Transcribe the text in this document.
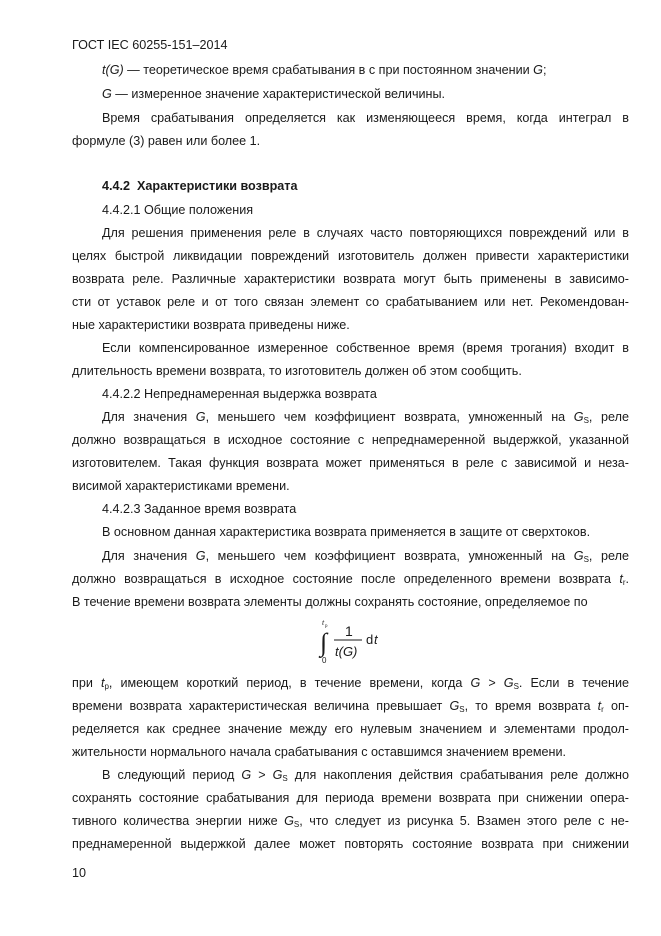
ГОСТ IEC 60255-151–2014
t(G) — теоретическое время срабатывания в с при постоянном значении G;
G — измеренное значение характеристической величины.
Время срабатывания определяется как изменяющееся время, когда интеграл в
формуле (3) равен или более 1.
4.4.2 Характеристики возврата
4.4.2.1 Общие положения
Для решения применения реле в случаях часто повторяющихся повреждений или в
целях быстрой ликвидации повреждений изготовитель должен привести характеристики
возврата реле. Различные характеристики возврата могут быть применены в зависимо-
сти от уставок реле и от того связан элемент со срабатыванием или нет. Рекомендован-
ные характеристики возврата приведены ниже.
Если компенсированное измеренное собственное время (время трогания) входит в
длительность времени возврата, то изготовитель должен об этом сообщить.
4.4.2.2 Непреднамеренная выдержка возврата
Для значения G, меньшего чем коэффициент возврата, умноженный на $G_S$, реле
должно возвращаться в исходное состояние с непреднамеренной выдержкой, указанной
изготовителем. Такая функция возврата может применяться в реле с зависимой и неза-
висимой характеристиками времени.
4.4.2.3 Заданное время возврата
В основном данная характеристика возврата применяется в защите от сверхтоков.
Для значения G, меньшего чем коэффициент возврата, умноженный на $G_S$, реле
должно возвращаться в исходное состояние после определенного времени возврата $t_r$.
В течение времени возврата элементы должны сохранять состояние, определяемое по
t p
∫
0
1
t(G)
d t
при $t_p$, имеющем короткий период, в течение времени, когда $G > G_S$. Если в течение
времени возврата характеристическая величина превышает $G_S$, то время возврата $t_r$ оп-
ределяется как среднее значение между его нулевым значением и элементами продол-
жительности нормального начала срабатывания с оставшимся значением времени.
В следующий период $G > G_S$ для накопления действия срабатывания реле должно
сохранять состояние срабатывания для периода времени возврата при снижении опера-
тивного количества энергии ниже $G_S$, что следует из рисунка 5. Взамен этого реле с не-
преднамеренной выдержкой далее может повторять состояние возврата при снижении
10
